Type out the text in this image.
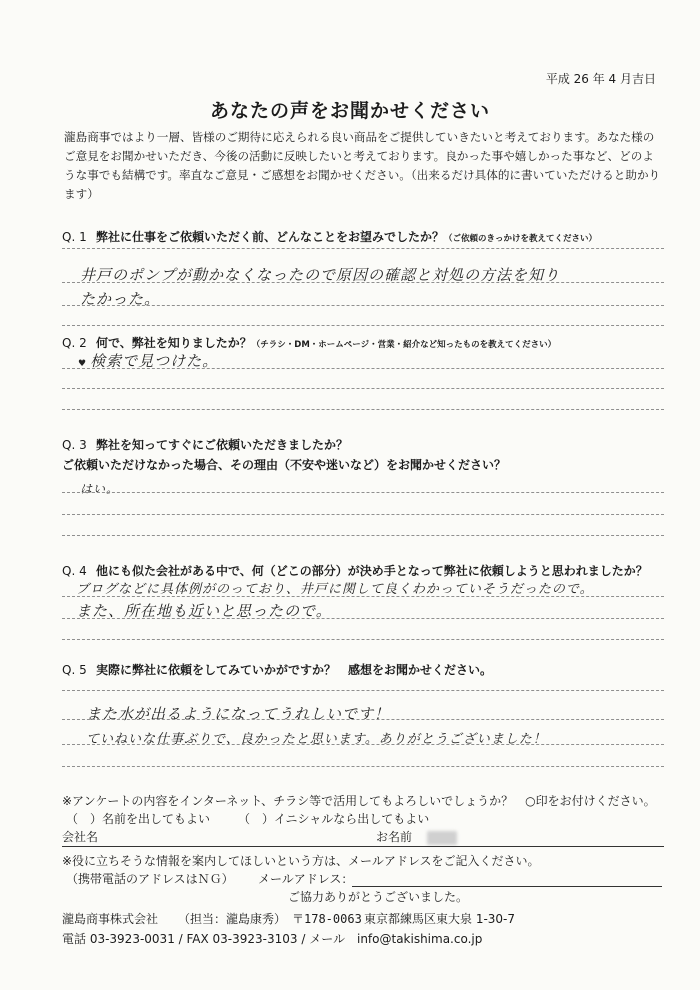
平成 26 年 4 月吉日
あなたの声をお聞かせください
瀧島商事ではより一層、皆様のご期待に応えられる良い商品をご提供していきたいと考えております。あなた様のご意見をお聞かせいただき、今後の活動に反映したいと考えております。良かった事や嬉しかった事など、どのような事でも結構です。率直なご意見・ご感想をお聞かせください。（出来るだけ具体的に書いていただけると助かります）
Q. 1 弊社に仕事をご依頼いただく前、どんなことをお望みでしたか？（ご依頼のきっかけを教えてください）
井戸のポンプが動かなくなったので原因の確認と対処の方法を知り
たかった。
Q. 2 何で、弊社を知りましたか？（チラシ・DM・ホームページ・営業・紹介など知ったものを教えてください）
♥ 検索で見つけた。
Q. 3 弊社を知ってすぐにご依頼いただきましたか？
ご依頼いただけなかった場合、その理由（不安や迷いなど）をお聞かせください？
はい。
Q. 4 他にも似た会社がある中で、何（どこの部分）が決め手となって弊社に依頼しようと思われましたか？
ブログなどに具体例がのっており、井戸に関して良くわかっていそうだったので。
また、所在地も近いと思ったので。
Q. 5 実際に弊社に依頼をしてみていかがですか？　感想をお聞かせください。
また水が出るようになってうれしいです！
ていねいな仕事ぶりで、良かったと思います。ありがとうございました！
※アンケートの内容をインターネット、チラシ等で活用してもよろしいでしょうか？　○印をお付けください。
（　）名前を出してもよい （　）イニシャルなら出してもよい
会社名	お名前
※役に立ちそうな情報を案内してほしいという方は、メールアドレスをご記入ください。
（携帯電話のアドレスはＮＧ） メールアドレス：
ご協力ありがとうございました。
瀧島商事株式会社 （担当：瀧島康秀） 〒178-0063 東京都練馬区東大泉 1-30-7
電話 03-3923-0031 / FAX 03-3923-3103 / メール　info@takishima.co.jp
